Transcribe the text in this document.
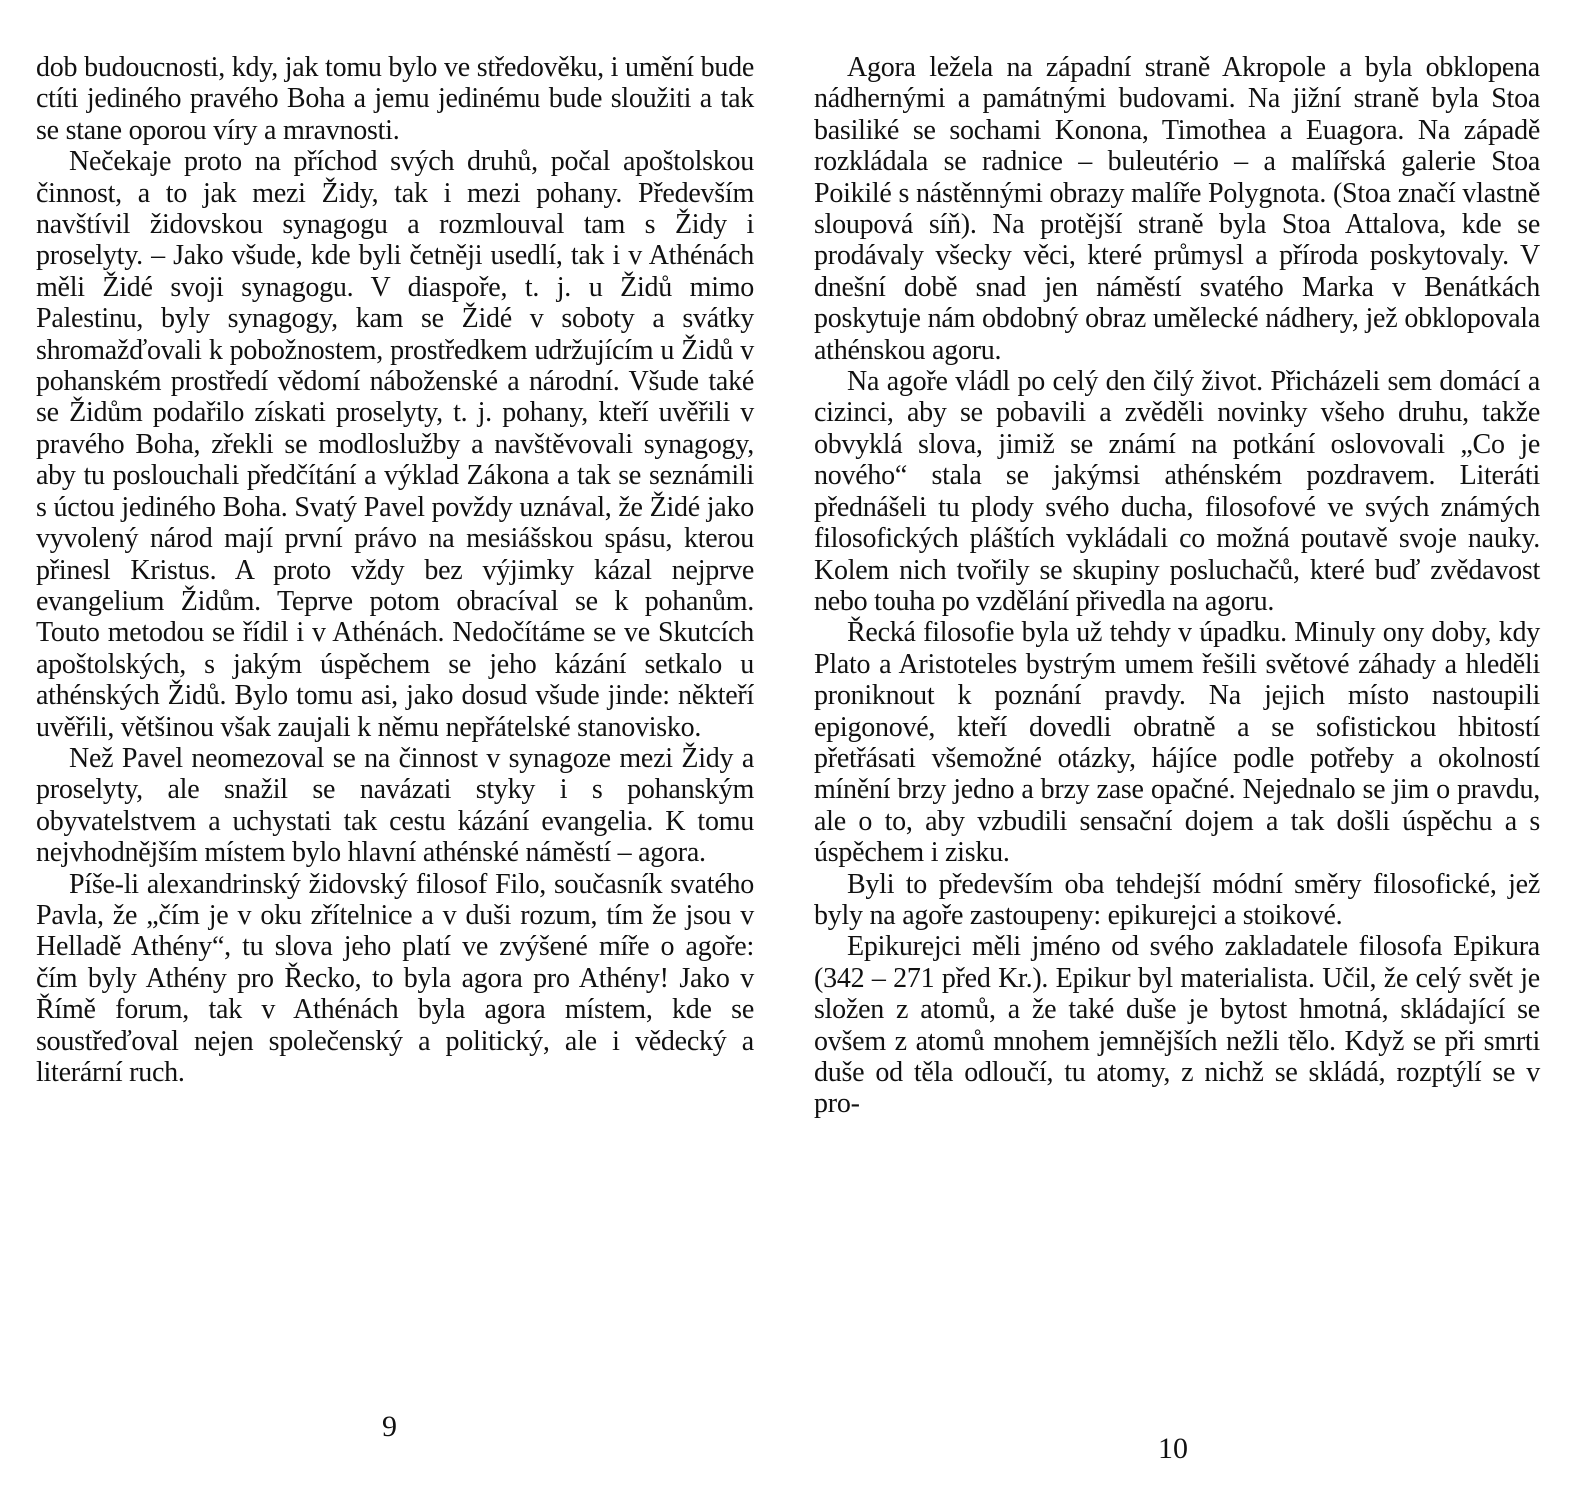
dob budoucnosti, kdy, jak tomu bylo ve středověku, i umění bude ctíti jediného pravého Boha a jemu jedinému bude sloužiti a tak se stane oporou víry a mravnosti.

Nečekaje proto na příchod svých druhů, počal apoštolskou činnost, a to jak mezi Židy, tak i mezi pohany. Především navštívil židovskou synagogu a rozmlouval tam s Židy i proselyty. – Jako všude, kde byli četněji usedlí, tak i v Athénách měli Židé svoji synagogu. V diaspoře, t. j. u Židů mimo Palestinu, byly synagogy, kam se Židé v soboty a svátky shromažďovali k pobožnostem, prostředkem udržujícím u Židů v pohanském prostředí vědomí náboženské a národní. Všude také se Židům podařilo získati proselyty, t. j. pohany, kteří uvěřili v pravého Boha, zřekli se modloslužby a navštěvovali synagogy, aby tu poslouchali předčítání a výklad Zákona a tak se seznámili s úctou jediného Boha. Svatý Pavel povždy uznával, že Židé jako vyvolený národ mají první právo na mesiášskou spásu, kterou přinesl Kristus. A proto vždy bez výjimky kázal nejprve evangelium Židům. Teprve potom obracíval se k pohanům. Touto metodou se řídil i v Athénách. Nedočítáme se ve Skutcích apoštolských, s jakým úspěchem se jeho kázání setkalo u athénských Židů. Bylo tomu asi, jako dosud všude jinde: někteří uvěřili, většinou však zaujali k němu nepřátelské stanovisko.

Než Pavel neomezoval se na činnost v synagoze mezi Židy a proselyty, ale snažil se navázati styky i s pohanským obyvatelstvem a uchystati tak cestu kázání evangelia. K tomu nejvhodnějším místem bylo hlavní athénské náměstí – agora.

Píše-li alexandrinský židovský filosof Filo, současník svatého Pavla, že „čím je v oku zřítelnice a v duši rozum, tím že jsou v Helladě Athény“, tu slova jeho platí ve zvýšené míře o agoře: čím byly Athény pro Řecko, to byla agora pro Athény! Jako v Římě forum, tak v Athénách byla agora místem, kde se soustřeďoval nejen společenský a politický, ale i vědecký a literární ruch.

9

Agora ležela na západní straně Akropole a byla obklopena nádhernými a památnými budovami. Na jižní straně byla Stoa basiliké se sochami Konona, Timothea a Euagora. Na západě rozkládala se radnice – buleutério – a malířská galerie Stoa Poikilé s nástěnnými obrazy malíře Polygnota. (Stoa značí vlastně sloupová síň). Na protější straně byla Stoa Attalova, kde se prodávaly všecky věci, které průmysl a příroda poskytovaly. V dnešní době snad jen náměstí svatého Marka v Benátkách poskytuje nám obdobný obraz umělecké nádhery, jež obklopovala athénskou agoru.

Na agoře vládl po celý den čilý život. Přicházeli sem domácí a cizinci, aby se pobavili a zvěděli novinky všeho druhu, takže obvyklá slova, jimiž se známí na potkání oslovovali „Co je nového“ stala se jakýmsi athénském pozdravem. Literáti přednášeli tu plody svého ducha, filosofové ve svých známých filosofických pláštích vykládali co možná poutavě svoje nauky. Kolem nich tvořily se skupiny posluchačů, které buď zvědavost nebo touha po vzdělání přivedla na agoru.

Řecká filosofie byla už tehdy v úpadku. Minuly ony doby, kdy Plato a Aristoteles bystrým umem řešili světové záhady a hleděli proniknout k poznání pravdy. Na jejich místo nastoupili epigonové, kteří dovedli obratně a se sofistickou hbitostí přetřásati všemožné otázky, hájíce podle potřeby a okolností mínění brzy jedno a brzy zase opačné. Nejednalo se jim o pravdu, ale o to, aby vzbudili sensační dojem a tak došli úspěchu a s úspěchem i zisku.

Byli to především oba tehdejší módní směry filosofické, jež byly na agoře zastoupeny: epikurejci a stoikové.

Epikurejci měli jméno od svého zakladatele filosofa Epikura (342 – 271 před Kr.). Epikur byl materialista. Učil, že celý svět je složen z atomů, a že také duše je bytost hmotná, skládající se ovšem z atomů mnohem jemnějších nežli tělo. Když se při smrti duše od těla odloučí, tu atomy, z nichž se skládá, rozptýlí se v pro-

10
